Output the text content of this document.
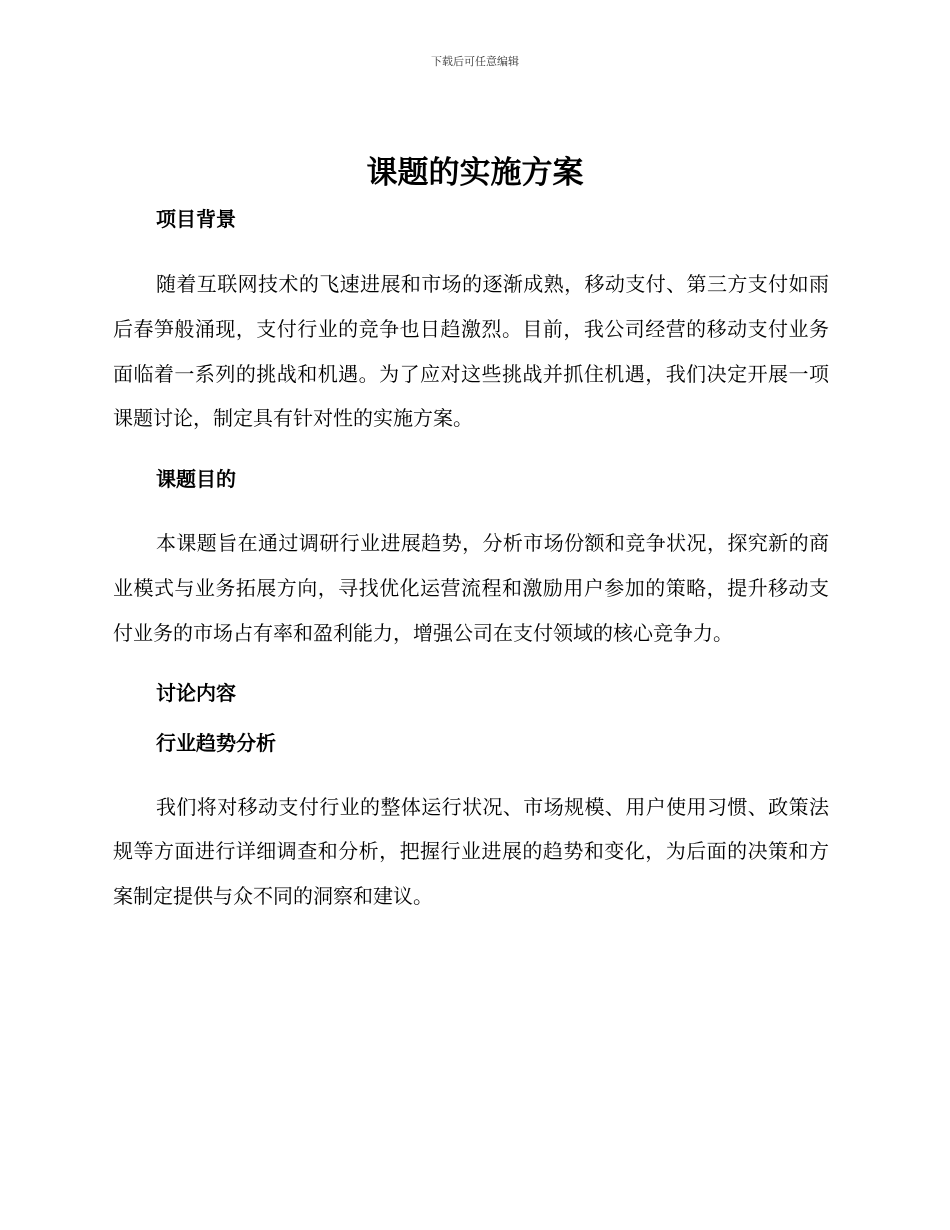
下载后可任意编辑
课题的实施方案
项目背景

随着互联网技术的飞速进展和市场的逐渐成熟，移动支付、第三方支付如雨后春笋般涌现，支付行业的竞争也日趋激烈。目前，我公司经营的移动支付业务面临着一系列的挑战和机遇。为了应对这些挑战并抓住机遇，我们决定开展一项课题讨论，制定具有针对性的实施方案。

课题目的

本课题旨在通过调研行业进展趋势，分析市场份额和竞争状况，探究新的商业模式与业务拓展方向，寻找优化运营流程和激励用户参加的策略，提升移动支付业务的市场占有率和盈利能力，增强公司在支付领域的核心竞争力。

讨论内容
行业趋势分析

我们将对移动支付行业的整体运行状况、市场规模、用户使用习惯、政策法规等方面进行详细调查和分析，把握行业进展的趋势和变化，为后面的决策和方案制定提供与众不同的洞察和建议。
